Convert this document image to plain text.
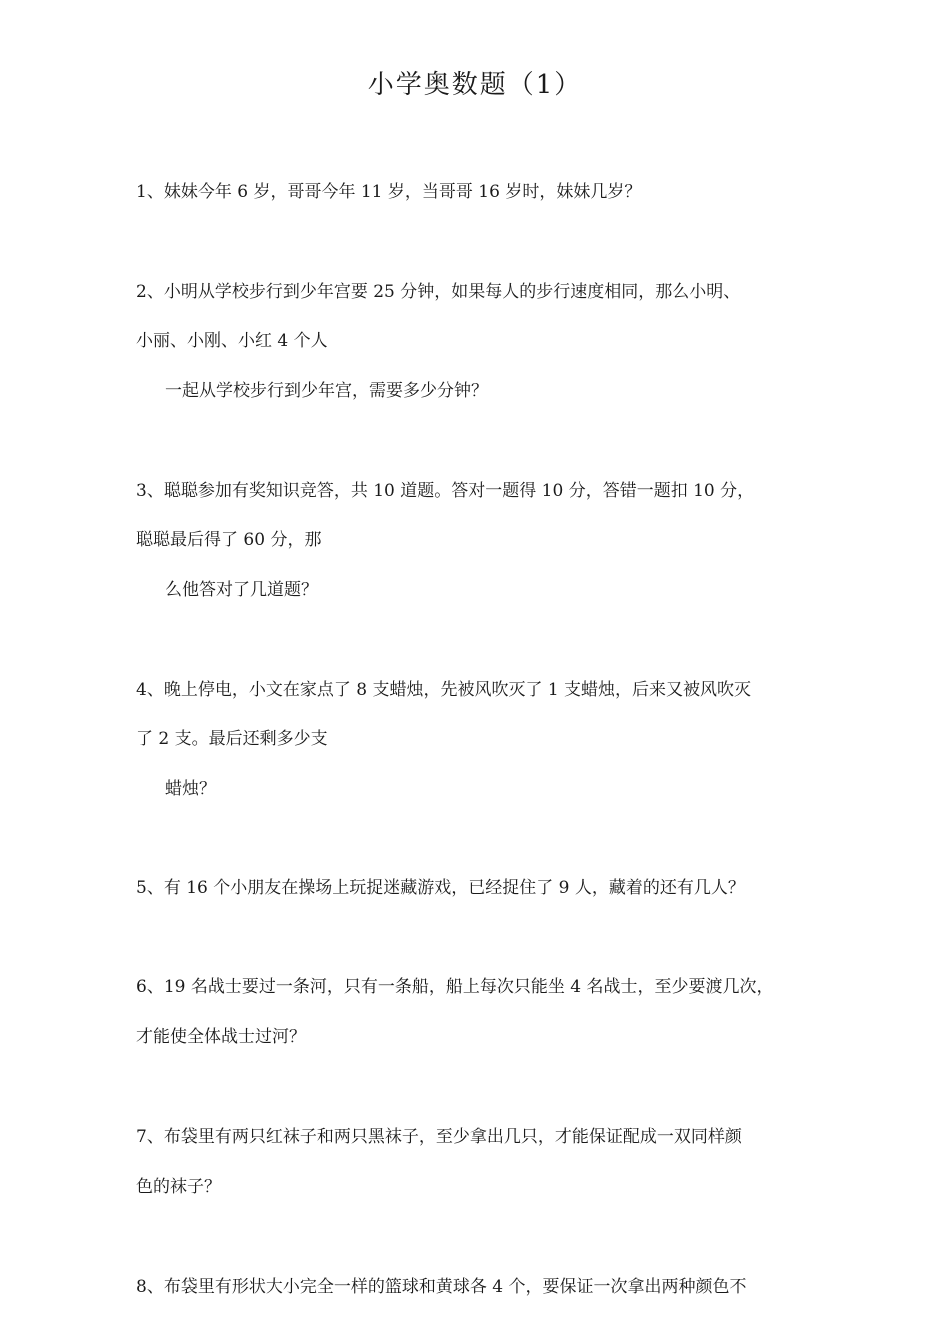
小学奥数题（1）
1、妹妹今年 6 岁，哥哥今年 11 岁，当哥哥 16 岁时，妹妹几岁？
2、小明从学校步行到少年宫要 25 分钟，如果每人的步行速度相同，那么小明、
小丽、小刚、小红 4 个人
一起从学校步行到少年宫，需要多少分钟？
3、聪聪参加有奖知识竞答，共 10 道题。答对一题得 10 分，答错一题扣 10 分，
聪聪最后得了 60 分，那
么他答对了几道题？
4、晚上停电，小文在家点了 8 支蜡烛，先被风吹灭了 1 支蜡烛，后来又被风吹灭
了 2 支。最后还剩多少支
蜡烛？
5、有 16 个小朋友在操场上玩捉迷藏游戏，已经捉住了 9 人，藏着的还有几人？
6、19 名战士要过一条河，只有一条船，船上每次只能坐 4 名战士，至少要渡几次，
才能使全体战士过河？
7、布袋里有两只红袜子和两只黑袜子，至少拿出几只，才能保证配成一双同样颜
色的袜子？
8、布袋里有形状大小完全一样的篮球和黄球各 4 个，要保证一次拿出两种颜色不
